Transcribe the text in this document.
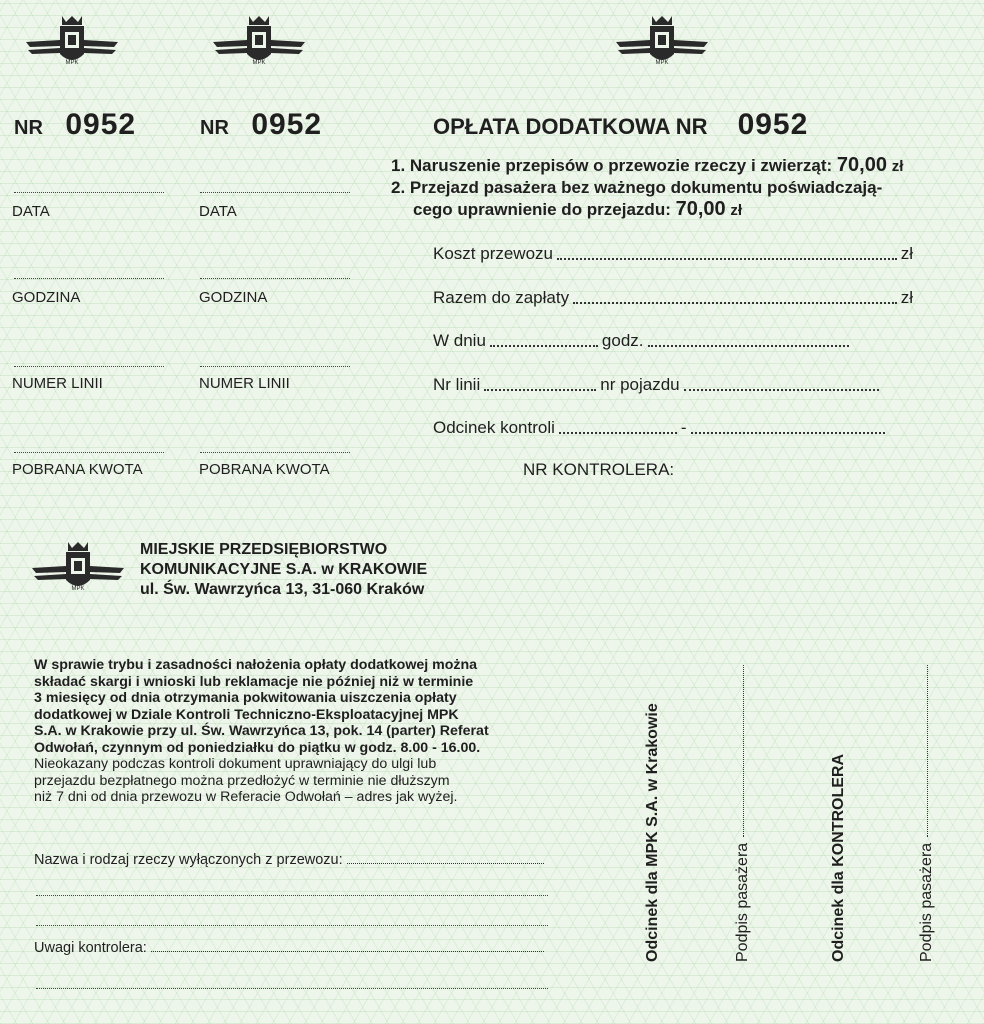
MPK	MPK	MPK
NR 0952
DATA
GODZINA
NUMER LINII
POBRANA KWOTA
NR 0952
DATA
GODZINA
NUMER LINII
POBRANA KWOTA
OPŁATA DODATKOWA NR 0952
1. Naruszenie przepisów o przewozie rzeczy i zwierząt: 70,00 zł
2. Przejazd pasażera bez ważnego dokumentu poświadczają-
cego uprawnienie do przejazdu: 70,00 zł
Koszt przewozu	zł
Razem do zapłaty	zł
W dniu	godz.
Nr linii	nr pojazdu
Odcinek kontroli	-
NR KONTROLERA:
MPK
MIEJSKIE PRZEDSIĘBIORSTWO
KOMUNIKACYJNE S.A. w KRAKOWIE
ul. Św. Wawrzyńca 13, 31-060 Kraków
W sprawie trybu i zasadności nałożenia opłaty dodatkowej można
składać skargi i wnioski lub reklamacje nie później niż w terminie
3 miesięcy od dnia otrzymania pokwitowania uiszczenia opłaty
dodatkowej w Dziale Kontroli Techniczno-Eksploatacyjnej MPK
S.A. w Krakowie przy ul. Św. Wawrzyńca 13, pok. 14 (parter) Referat
Odwołań, czynnym od poniedziałku do piątku w godz. 8.00 - 16.00.
Nieokazany podczas kontroli dokument uprawniający do ulgi lub
przejazdu bezpłatnego można przedłożyć w terminie nie dłuższym
niż 7 dni od dnia przewozu w Referacie Odwołań – adres jak wyżej.
Nazwa i rodzaj rzeczy wyłączonych z przewozu:
Uwagi kontrolera:	Odcinek dla MPK S.A. w Krakowie	Podpis pasażera	Odcinek dla KONTROLERA	Podpis pasażera
